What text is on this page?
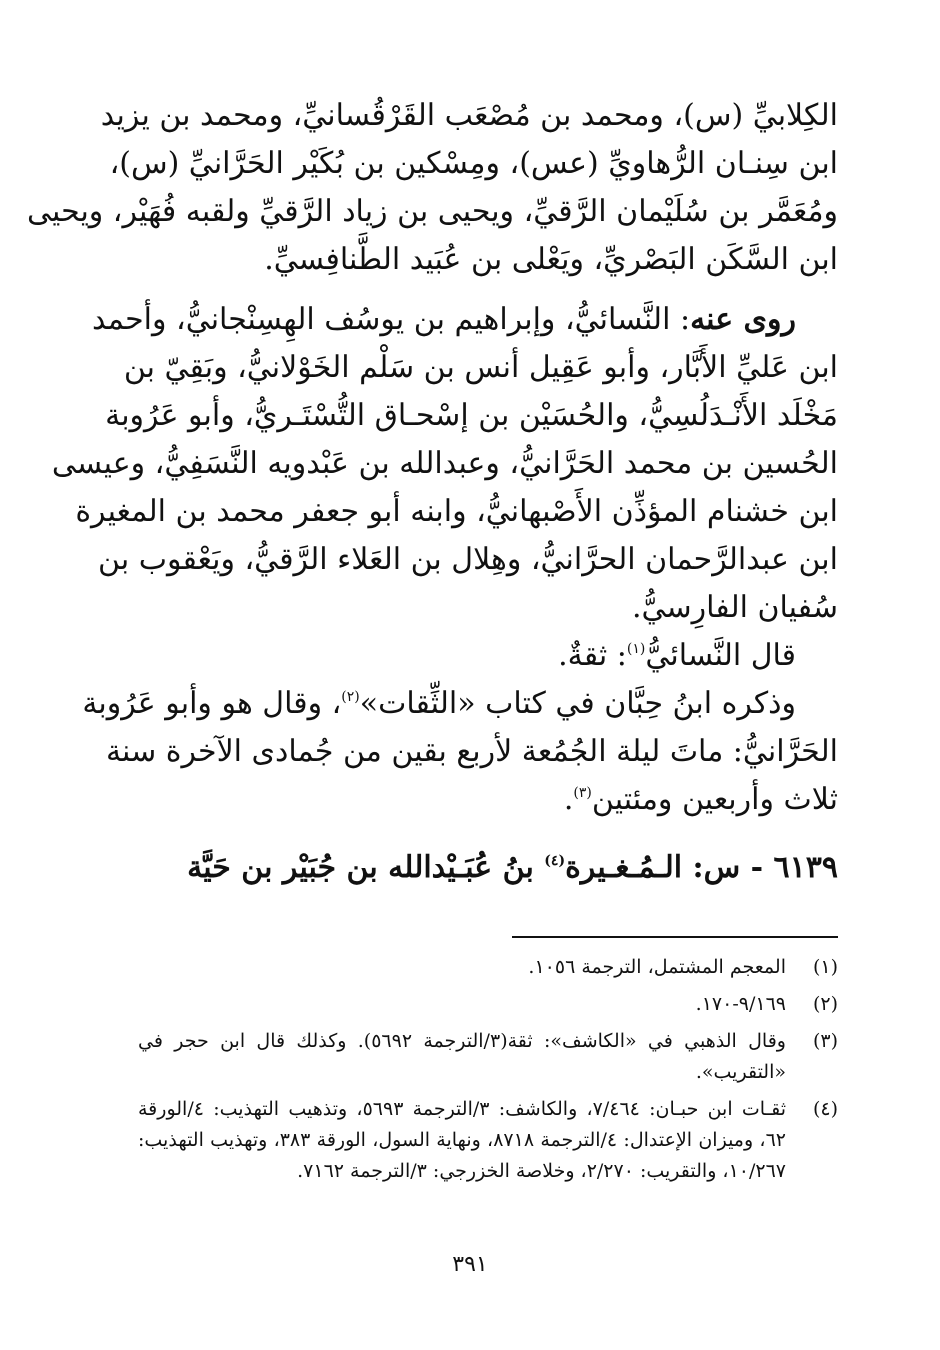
الكِلابيِّ (س)، ومحمد بن مُصْعَب القَرْقُسانيِّ، ومحمد بن يزيد
ابن سِنـان الرُّهاويِّ (عس)، ومِسْكين بن بُكَيْر الحَرَّانيِّ (س)،
ومُعَمَّر بن سُلَيْمان الرَّقيِّ، ويحيى بن زياد الرَّقيِّ ولقبه فُهَيْر، ويحيى
ابن السَّكَن البَصْريِّ، ويَعْلى بن عُبَيد الطَّنافِسيِّ.
روى عنه: النَّسائيُّ، وإبراهيم بن يوسُف الهِسِنْجانيُّ، وأحمد
ابن عَليِّ الأَبَّار، وأبو عَقِيل أنس بن سَلْم الخَوْلانيُّ، وبَقِيّ بن
مَخْلَد الأَنْـدَلُسِيُّ، والحُسَيْن بن إسْحـاق التُّسْتَـريُّ، وأبو عَرُوبة
الحُسين بن محمد الحَرَّانيُّ، وعبدالله بن عَبْدويه النَّسَفِيُّ، وعيسى
ابن خشنام المؤذِّن الأَصْبهانيُّ، وابنه أبو جعفر محمد بن المغيرة
ابن عبدالرَّحمان الحرَّانيُّ، وهِلال بن العَلاء الرَّقيُّ، ويَعْقوب بن
سُفيان الفارِسيُّ.
قال النَّسائيُّ$^{(١)}$: ثقةٌ.
وذكره ابنُ حِبَّان في كتاب «الثِّقات»$^{(٢)}$، وقال هو وأبو عَرُوبة
الحَرَّانيُّ: ماتَ ليلة الجُمُعة لأربع بقين من جُمادى الآخرة سنة
ثلاث وأربعين ومئتين$^{(٣)}$.
٦١٣٩ - س: الـمُـغـيرة$^{(٤)}$ بنُ عُبَـيْدالله بن جُبَيْر بن حَيَّة
(١)
المعجم المشتمل، الترجمة ١٠٥٦.
(٢)
٩/١٦٩-١٧٠.
(٣)
وقال الذهبي في «الكاشف»: ثقة(٣/الترجمة ٥٦٩٢). وكذلك قال ابن حجر في «التقريب».
(٤)
ثقـات ابن حبـان: ٧/٤٦٤، والكاشف: ٣/الترجمة ٥٦٩٣، وتذهيب التهذيب: ٤/الورقة ٦٢، وميزان الإعتدال: ٤/الترجمة ٨٧١٨، ونهاية السول، الورقة ٣٨٣، وتهذيب التهذيب: ١٠/٢٦٧، والتقريب: ٢/٢٧٠، وخلاصة الخزرجي: ٣/الترجمة ٧١٦٢.
٣٩١
